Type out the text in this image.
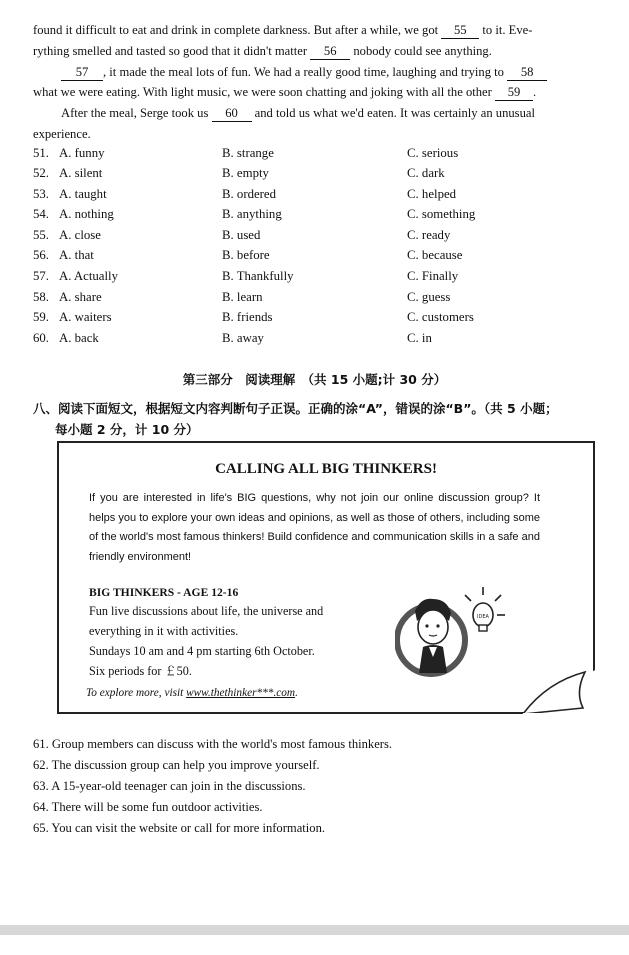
found it difficult to eat and drink in complete darkness. But after a while, we got 55 to it. Eve-
rything smelled and tasted so good that it didn't matter 56 nobody could see anything.
57 , it made the meal lots of fun. We had a really good time, laughing and trying to 58
what we were eating. With light music, we were soon chatting and joking with all the other 59 .
After the meal, Serge took us 60 and told us what we'd eaten. It was certainly an unusual
experience.
51. A. funny	B. strange	C. serious
52. A. silent	B. empty	C. dark
53. A. taught	B. ordered	C. helped
54. A. nothing	B. anything	C. something
55. A. close	B. used	C. ready
56. A. that	B. before	C. because
57. A. Actually	B. Thankfully	C. Finally
58. A. share	B. learn	C. guess
59. A. waiters	B. friends	C. customers
60. A. back	B. away	C. in
第三部分　阅读理解　（共 15 小题;计 30 分）
八、阅读下面短文，根据短文内容判断句子正误。正确的涂“A”，错误的涂“B”。（共 5 小题；
每小题 2 分，计 10 分）
CALLING ALL BIG THINKERS!
If you are interested in life's BIG questions, why not join our online discussion group? It helps you to explore your own ideas and opinions, as well as those of others, including some of the world's most famous thinkers! Build confidence and communication skills in a safe and friendly environment!
BIG THINKERS - AGE 12-16
Fun live discussions about life, the universe and
everything in it with activities.
Sundays 10 am and 4 pm starting 6th October.
Six periods for ￡50.
To explore more, visit www.thethinker***.com.
IDEA
61. Group members can discuss with the world's most famous thinkers.
62. The discussion group can help you improve yourself.
63. A 15-year-old teenager can join in the discussions.
64. There will be some fun outdoor activities.
65. You can visit the website or call for more information.
